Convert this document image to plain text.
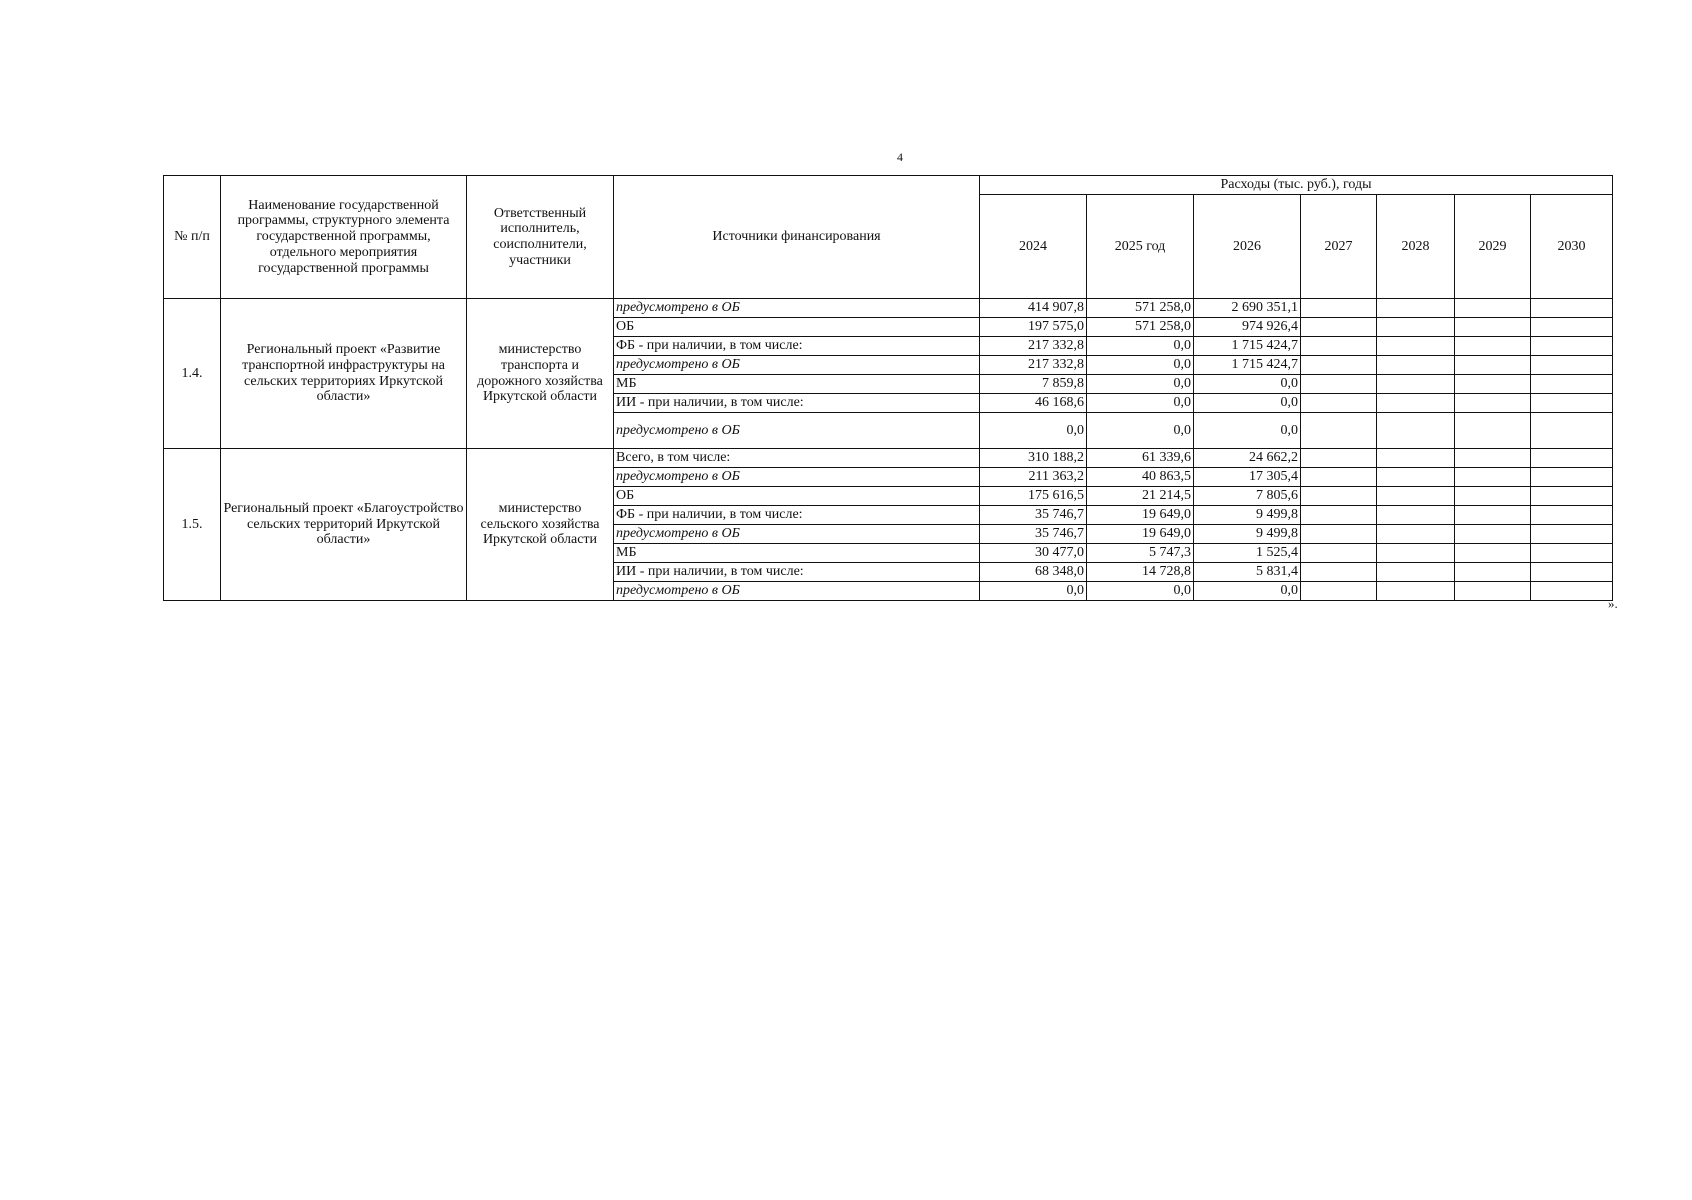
4
№ п/п	Наименование государственной программы, структурного элемента государственной программы, отдельного мероприятия государственной программы	Ответственный исполнитель, соисполнители, участники	Источники финансирования	Расходы (тыс. руб.), годы						
				2024	2025 год	2026	2027	2028	2029	2030
1.4.	Региональный проект «Развитие транспортной инфраструктуры на сельских территориях Иркутской области»	министерство транспорта и дорожного хозяйства Иркутской области	предусмотрено в ОБ	414 907,8	571 258,0	2 690 351,1				
			ОБ	197 575,0	571 258,0	974 926,4				
			ФБ - при наличии, в том числе:	217 332,8	0,0	1 715 424,7				
			предусмотрено в ОБ	217 332,8	0,0	1 715 424,7				
			МБ	7 859,8	0,0	0,0				
			ИИ - при наличии, в том числе:	46 168,6	0,0	0,0				
			предусмотрено в ОБ	0,0	0,0	0,0				
1.5.	Региональный проект «Благоустройство сельских территорий Иркутской области»	министерство сельского хозяйства Иркутской области	Всего, в том числе:	310 188,2	61 339,6	24 662,2				
			предусмотрено в ОБ	211 363,2	40 863,5	17 305,4				
			ОБ	175 616,5	21 214,5	7 805,6				
			ФБ - при наличии, в том числе:	35 746,7	19 649,0	9 499,8				
			предусмотрено в ОБ	35 746,7	19 649,0	9 499,8				
			МБ	30 477,0	5 747,3	1 525,4				
			ИИ - при наличии, в том числе:	68 348,0	14 728,8	5 831,4				
			предусмотрено в ОБ	0,0	0,0	0,0				
».
